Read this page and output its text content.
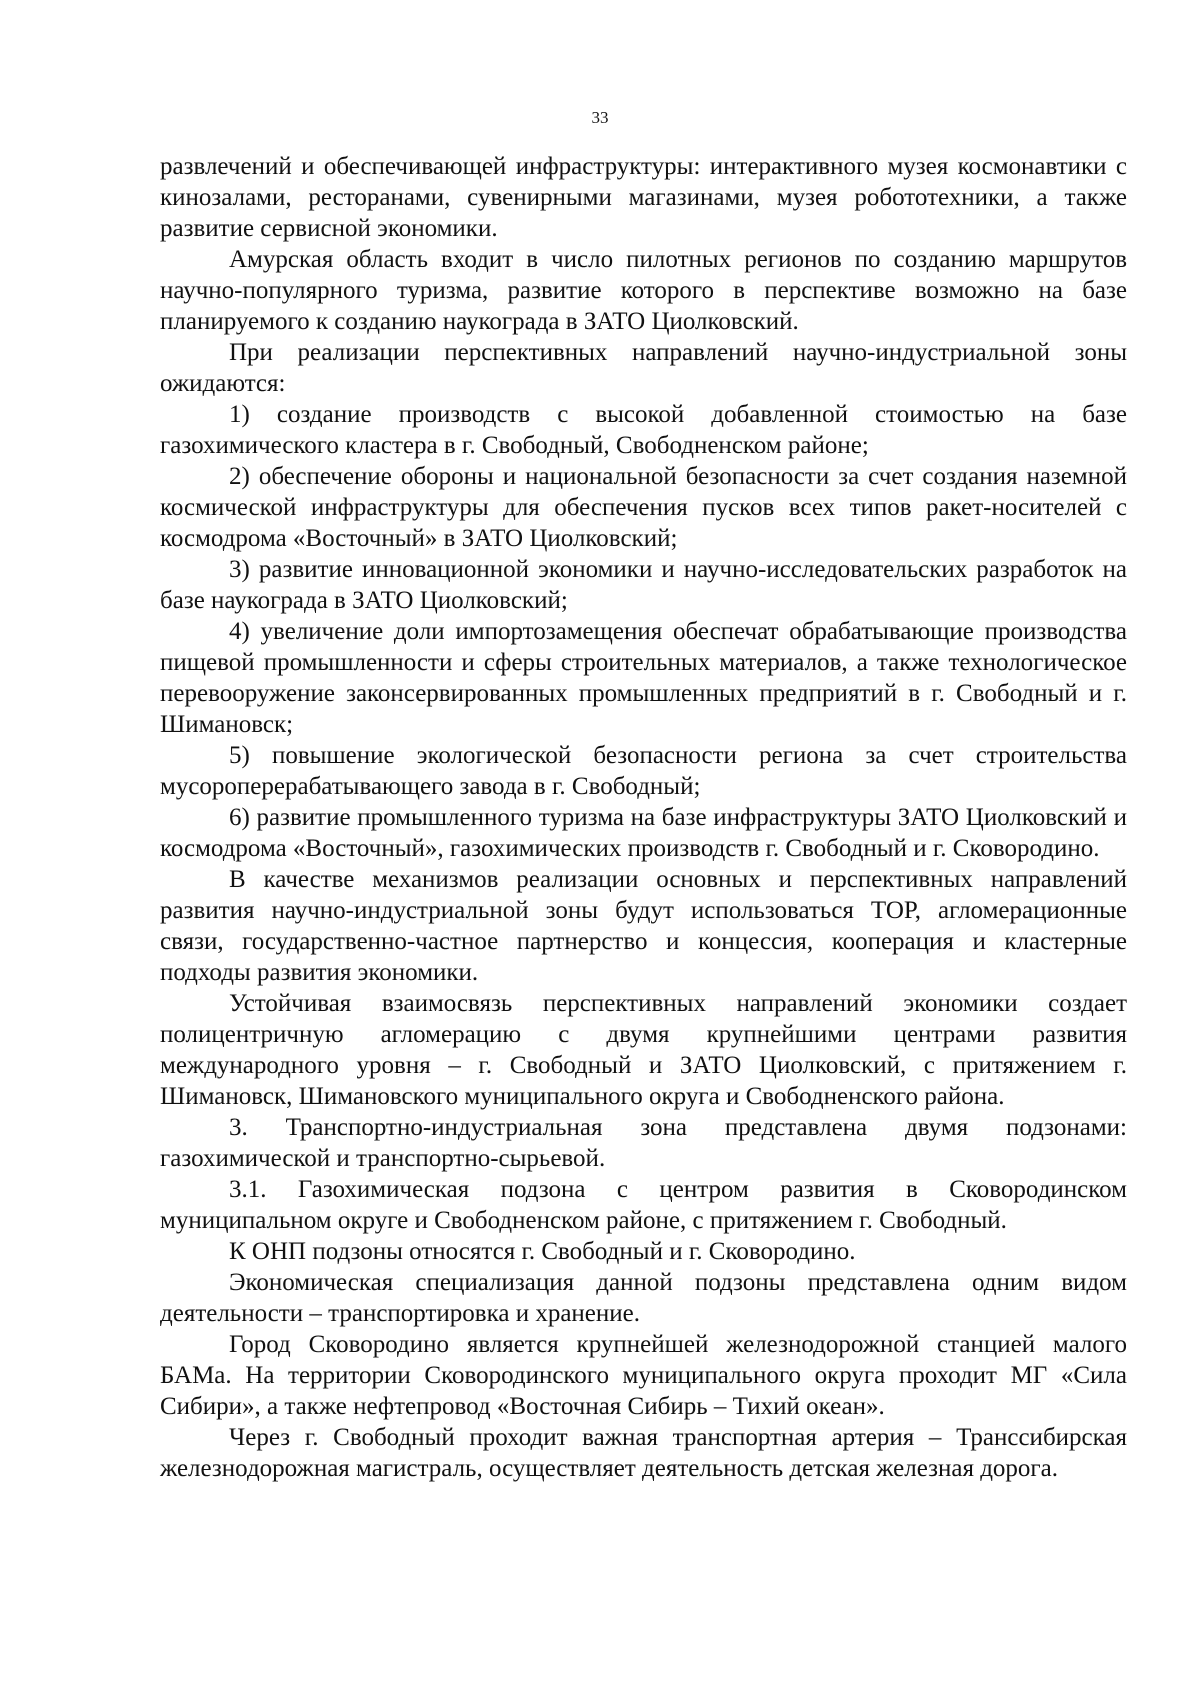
33

развлечений и обеспечивающей инфраструктуры: интерактивного музея космонавтики с кинозалами, ресторанами, сувенирными магазинами, музея робототехники, а также развитие сервисной экономики.

Амурская область входит в число пилотных регионов по созданию маршрутов научно-популярного туризма, развитие которого в перспективе возможно на базе планируемого к созданию наукограда в ЗАТО Циолковский.

При реализации перспективных направлений научно-индустриальной зоны ожидаются:

1) создание производств с высокой добавленной стоимостью на базе газохимического кластера в г. Свободный, Свободненском районе;

2) обеспечение обороны и национальной безопасности за счет создания наземной космической инфраструктуры для обеспечения пусков всех типов ракет-носителей с космодрома «Восточный» в ЗАТО Циолковский;

3) развитие инновационной экономики и научно-исследовательских разработок на базе наукограда в ЗАТО Циолковский;

4) увеличение доли импортозамещения обеспечат обрабатывающие производства пищевой промышленности и сферы строительных материалов, а также технологическое перевооружение законсервированных промышленных предприятий в г. Свободный и г. Шимановск;

5) повышение экологической безопасности региона за счет строительства мусороперерабатывающего завода в г. Свободный;

6) развитие промышленного туризма на базе инфраструктуры ЗАТО Циолковский и космодрома «Восточный», газохимических производств г. Свободный и г. Сковородино.

В качестве механизмов реализации основных и перспективных направлений развития научно-индустриальной зоны будут использоваться ТОР, агломерационные связи, государственно-частное партнерство и концессия, кооперация и кластерные подходы развития экономики.

Устойчивая взаимосвязь перспективных направлений экономики создает полицентричную агломерацию с двумя крупнейшими центрами развития международного уровня – г. Свободный и ЗАТО Циолковский, с притяжением г. Шимановск, Шимановского муниципального округа и Свободненского района.

3. Транспортно-индустриальная зона представлена двумя подзонами: газохимической и транспортно-сырьевой.

3.1. Газохимическая подзона с центром развития в Сковородинском муниципальном округе и Свободненском районе, с притяжением г. Свободный.

К ОНП подзоны относятся г. Свободный и г. Сковородино.

Экономическая специализация данной подзоны представлена одним видом деятельности – транспортировка и хранение.

Город Сковородино является крупнейшей железнодорожной станцией малого БАМа. На территории Сковородинского муниципального округа проходит МГ «Сила Сибири», а также нефтепровод «Восточная Сибирь – Тихий океан».

Через г. Свободный проходит важная транспортная артерия – Транссибирская железнодорожная магистраль, осуществляет деятельность детская железная дорога.
